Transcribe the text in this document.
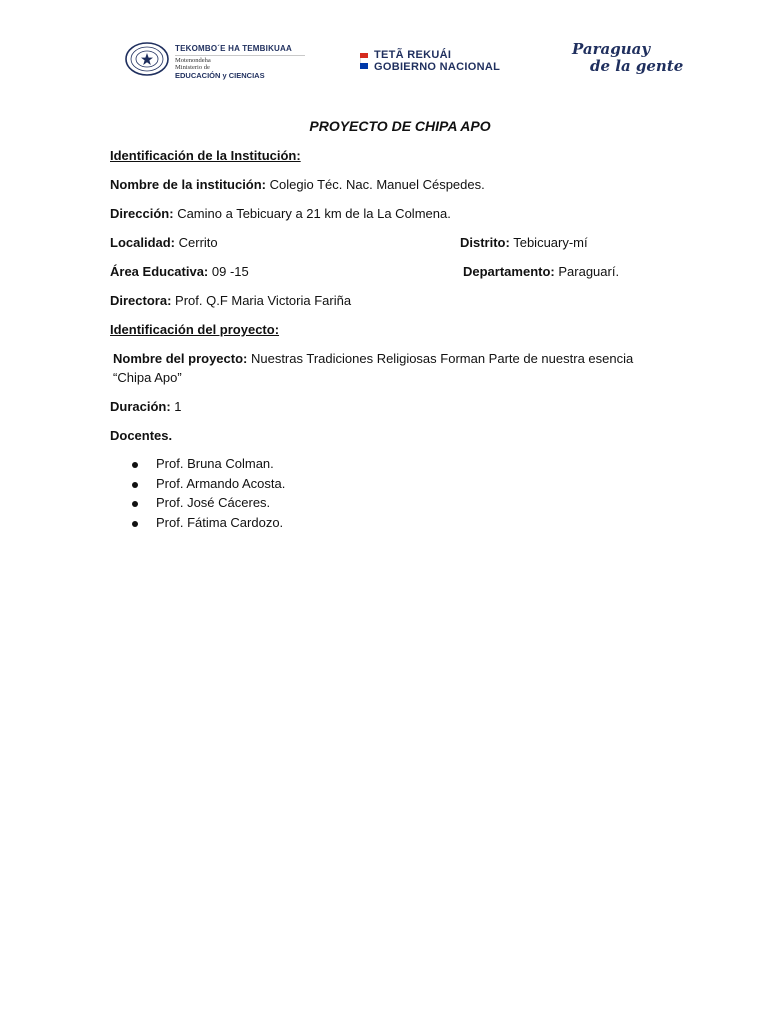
TEKOMBO´E HA TEMBIKUAA
Motenondeha
Ministerio de
EDUCACIÓN y CIENCIAS
TETÃ REKUÁI
GOBIERNO NACIONAL
Paraguay
de la gente
PROYECTO DE CHIPA APO
Identificación de la Institución:
Nombre de la institución: Colegio Téc. Nac. Manuel Céspedes.
Dirección: Camino a Tebicuary a 21 km de la La Colmena.
Localidad: Cerrito	Distrito: Tebicuary-mí
Área Educativa: 09 -15	Departamento: Paraguarí.
Directora: Prof. Q.F Maria Victoria Fariña
Identificación del proyecto:
Nombre del proyecto: Nuestras Tradiciones Religiosas Forman Parte de nuestra esencia “Chipa Apo”
Duración: 1
Docentes.
Prof. Bruna Colman.
Prof. Armando Acosta.
Prof. José Cáceres.
Prof. Fátima Cardozo.
